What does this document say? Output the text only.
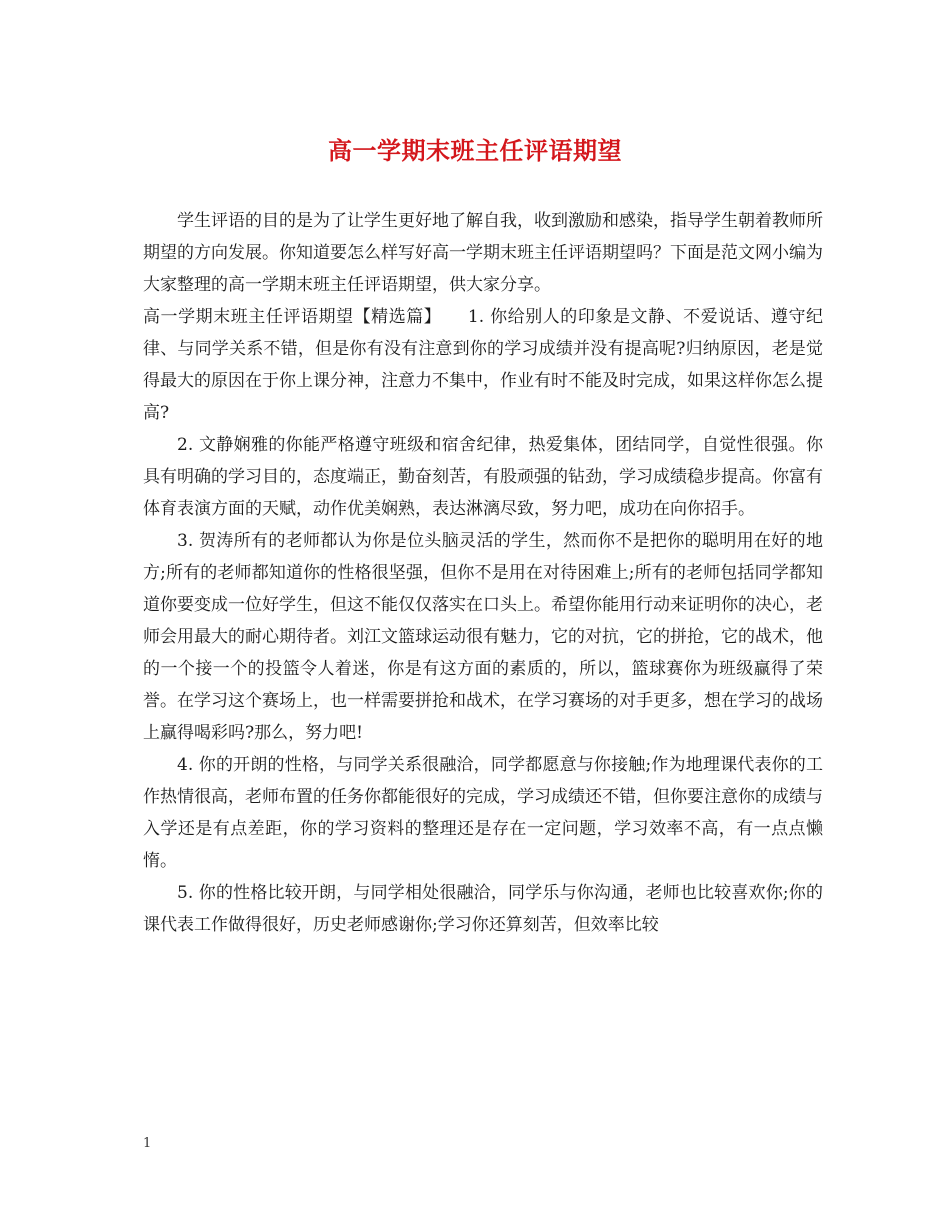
高一学期末班主任评语期望

学生评语的目的是为了让学生更好地了解自我，收到激励和感染，指导学生朝着教师所期望的方向发展。你知道要怎么样写好高一学期末班主任评语期望吗？下面是范文网小编为大家整理的高一学期末班主任评语期望，供大家分享。

高一学期末班主任评语期望【精选篇】　　1. 你给别人的印象是文静、不爱说话、遵守纪律、与同学关系不错，但是你有没有注意到你的学习成绩并没有提高呢?归纳原因，老是觉得最大的原因在于你上课分神，注意力不集中，作业有时不能及时完成，如果这样你怎么提高?

2. 文静娴雅的你能严格遵守班级和宿舍纪律，热爱集体，团结同学，自觉性很强。你具有明确的学习目的，态度端正，勤奋刻苦，有股顽强的钻劲，学习成绩稳步提高。你富有体育表演方面的天赋，动作优美娴熟，表达淋漓尽致，努力吧，成功在向你招手。

3. 贺涛所有的老师都认为你是位头脑灵活的学生，然而你不是把你的聪明用在好的地方;所有的老师都知道你的性格很坚强，但你不是用在对待困难上;所有的老师包括同学都知道你要变成一位好学生，但这不能仅仅落实在口头上。希望你能用行动来证明你的决心，老师会用最大的耐心期待者。刘江文篮球运动很有魅力，它的对抗，它的拼抢，它的战术，他的一个接一个的投篮令人着迷，你是有这方面的素质的，所以，篮球赛你为班级赢得了荣誉。在学习这个赛场上，也一样需要拼抢和战术，在学习赛场的对手更多，想在学习的战场上赢得喝彩吗?那么，努力吧!

4. 你的开朗的性格，与同学关系很融洽，同学都愿意与你接触;作为地理课代表你的工作热情很高，老师布置的任务你都能很好的完成，学习成绩还不错，但你要注意你的成绩与入学还是有点差距，你的学习资料的整理还是存在一定问题，学习效率不高，有一点点懒惰。

5. 你的性格比较开朗，与同学相处很融洽，同学乐与你沟通，老师也比较喜欢你;你的课代表工作做得很好，历史老师感谢你;学习你还算刻苦，但效率比较

1
